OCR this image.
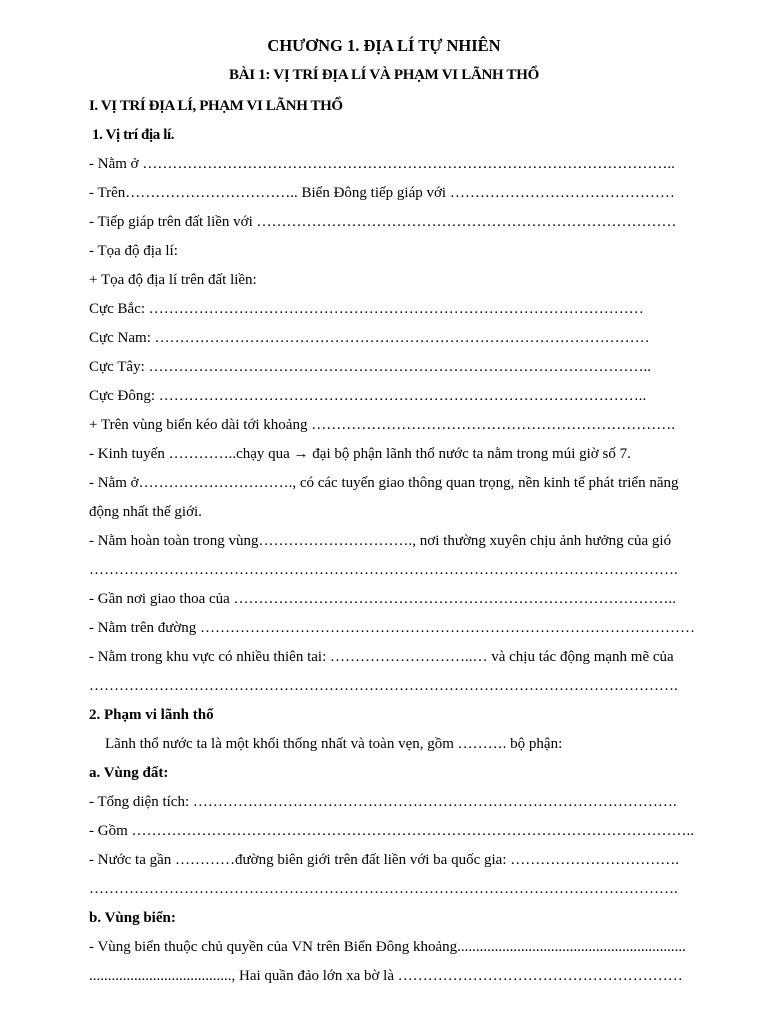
CHƯƠNG 1. ĐỊA LÍ TỰ NHIÊN
BÀI 1: VỊ TRÍ ĐỊA LÍ VÀ PHẠM VI LÃNH THỔ
I. VỊ TRÍ ĐỊA LÍ, PHẠM VI LÃNH THỔ
1. Vị trí địa lí.
- Nằm ở ……………………………………………………………………………………………..
- Trên…………………………….. Biển Đông tiếp giáp với ………………………………………
- Tiếp giáp trên đất liền với …………………………………………………………………………
- Tọa độ địa lí:
+ Tọa độ địa lí trên đất liền:
Cực Bắc: ………………………………………………………………………………………
Cực Nam: ………………………………………………………………………………………
Cực Tây: ………………………………………………………………………………………..
Cực Đông: ……………………………………………………………………………………..
+ Trên vùng biển kéo dài tới khoảng ……………………………………………………………….
- Kinh tuyến …………..chạy qua → đại bộ phận lãnh thổ nước ta nằm trong múi giờ số 7.
- Nằm ở…………………………., có các tuyến giao thông quan trọng, nền kinh tế phát triển năng
động nhất thế giới.
- Nằm hoàn toàn trong vùng…………………………., nơi thường xuyên chịu ảnh hưởng của gió
……………………………………………………………………………………………………….
- Gần nơi giao thoa của ……………………………………………………………………………..
- Nằm trên đường ………………………………………………………………………………………
- Nằm trong khu vực có nhiều thiên tai: ………………………..… và chịu tác động mạnh mẽ của
……………………………………………………………………………………………………….
2. Phạm vi lãnh thổ
Lãnh thổ nước ta là một khối thống nhất và toàn vẹn, gồm ………. bộ phận:
a. Vùng đất:
- Tổng diện tích: …………………………………………………………………………………….
- Gồm …………………………………………………………………………………………………..
- Nước ta gần …………đường biên giới trên đất liền với ba quốc gia: …………………………….
……………………………………………………………………………………………………….
b. Vùng biển:
- Vùng biển thuộc chủ quyền của VN trên Biển Đông khoảng.............................................................
......................................, Hai quần đảo lớn xa bờ là …………………………………………………
